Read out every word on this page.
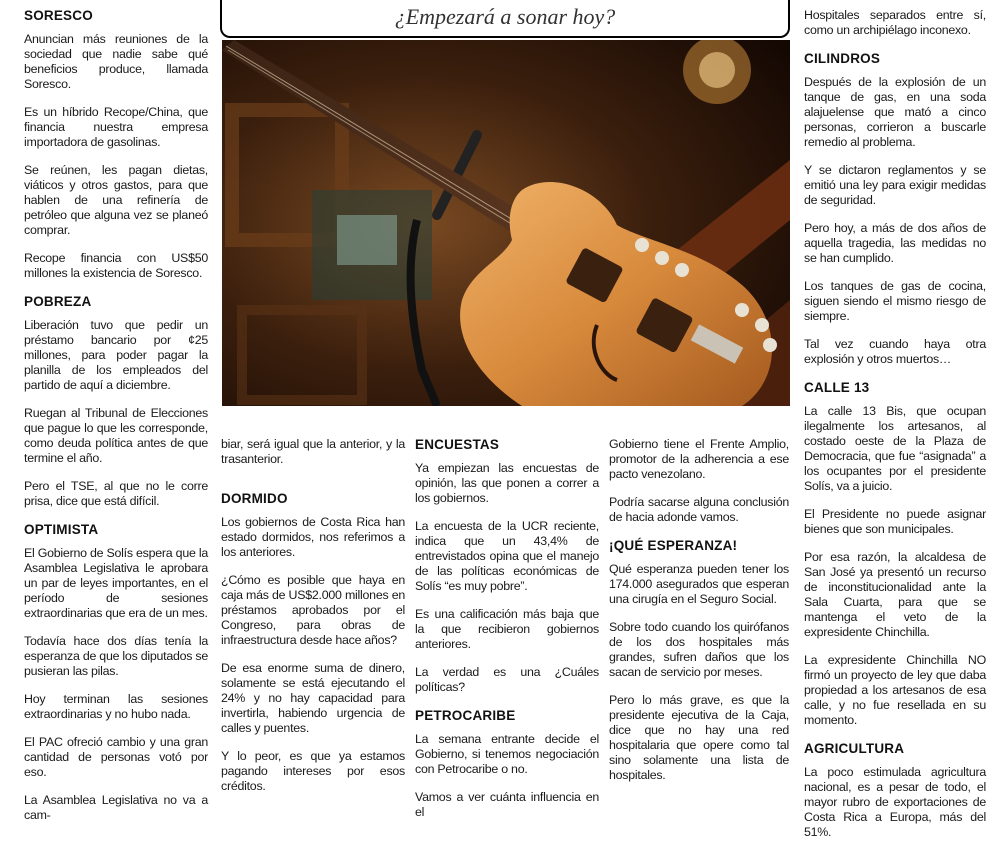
SORESCO

Anuncian más reuniones de la sociedad que nadie sabe qué beneficios produce, llamada Soresco.

Es un híbrido Recope/China, que financia nuestra empresa importadora de gasolinas.

Se reúnen, les pagan dietas, viáticos y otros gastos, para que hablen de una refinería de petróleo que alguna vez se planeó comprar.

Recope financia con US$50 millones la existencia de Soresco.

POBREZA

Liberación tuvo que pedir un préstamo bancario por ¢25 millones, para poder pagar la planilla de los empleados del partido de aquí a diciembre.

Ruegan al Tribunal de Elecciones que pague lo que les corresponde, como deuda política antes de que termine el año.

Pero el TSE, al que no le corre prisa, dice que está difícil.

OPTIMISTA

El Gobierno de Solís espera que la Asamblea Legislativa le aprobara un par de leyes importantes, en el período de sesiones extraordinarias que era de un mes.

Todavía hace dos días tenía la esperanza de que los diputados se pusieran las pilas.

Hoy terminan las sesiones extraordinarias y no hubo nada.

El PAC ofreció cambio y una gran cantidad de personas votó por eso.

La Asamblea Legislativa no va a cam-

¿Empezará a sonar hoy?

biar, será igual que la anterior, y la trasanterior.

DORMIDO

Los gobiernos de Costa Rica han estado dormidos, nos referimos a los anteriores.

¿Cómo es posible que haya en caja más de US$2.000 millones en préstamos aprobados por el Congreso, para obras de infraestructura desde hace años?

De esa enorme suma de dinero, solamente se está ejecutando el 24% y no hay capacidad para invertirla, habiendo urgencia de calles y puentes.

Y lo peor, es que ya estamos pagando intereses por esos créditos.

ENCUESTAS

Ya empiezan las encuestas de opinión, las que ponen a correr a los gobiernos.

La encuesta de la UCR reciente, indica que un 43,4% de entrevistados opina que el manejo de las políticas económicas de Solís “es muy pobre”.

Es una calificación más baja que la que recibieron gobiernos anteriores.

La verdad es una ¿Cuáles políticas?

PETROCARIBE

La semana entrante decide el Gobierno, si tenemos negociación con Petrocaribe o no.

Vamos a ver cuánta influencia en el

Gobierno tiene el Frente Amplio, promotor de la adherencia a ese pacto venezolano.

Podría sacarse alguna conclusión de hacia adonde vamos.

¡QUÉ ESPERANZA!

Qué esperanza pueden tener los 174.000 asegurados que esperan una cirugía en el Seguro Social.

Sobre todo cuando los quirófanos de los dos hospitales más grandes, sufren daños que los sacan de servicio por meses.

Pero lo más grave, es que la presidente ejecutiva de la Caja, dice que no hay una red hospitalaria que opere como tal sino solamente una lista de hospitales.

Hospitales separados entre sí, como un archipiélago inconexo.

CILINDROS

Después de la explosión de un tanque de gas, en una soda alajuelense que mató a cinco personas, corrieron a buscarle remedio al problema.

Y se dictaron reglamentos y se emitió una ley para exigir medidas de seguridad.

Pero hoy, a más de dos años de aquella tragedia, las medidas no se han cumplido.

Los tanques de gas de cocina, siguen siendo el mismo riesgo de siempre.

Tal vez cuando haya otra explosión y otros muertos…

CALLE 13

La calle 13 Bis, que ocupan ilegalmente los artesanos, al costado oeste de la Plaza de Democracia, que fue “asignada” a los ocupantes por el presidente Solís, va a juicio.

El Presidente no puede asignar bienes que son municipales.

Por esa razón, la alcaldesa de San José ya presentó un recurso de inconstitucionalidad ante la Sala Cuarta, para que se mantenga el veto de la expresidente Chinchilla.

La expresidente Chinchilla NO firmó un proyecto de ley que daba propiedad a los artesanos de esa calle, y no fue resellada en su momento.

AGRICULTURA

La poco estimulada agricultura nacional, es a pesar de todo, el mayor rubro de exportaciones de Costa Rica a Europa, más del 51%.
